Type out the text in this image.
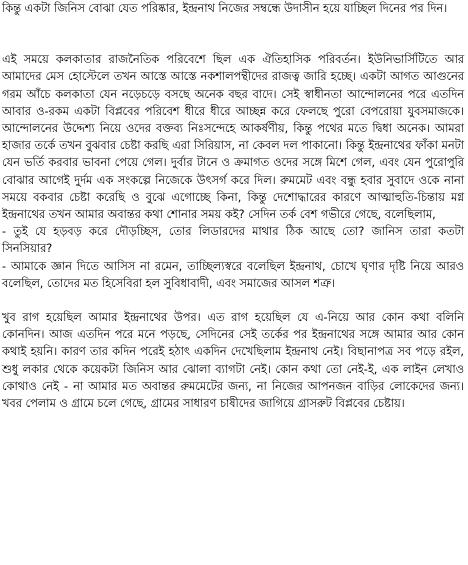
কিন্তু একটা জিনিস বোঝা যেত পরিষ্কার, ইন্দ্রনাথ নিজের সম্বন্ধে উদাসীন হয়ে যাচ্ছিল দিনের পর দিন।

এই সময়ে কলকাতার রাজনৈতিক পরিবেশে ছিল এক ঐতিহাসিক পরিবর্তন। ইউনিভার্সিটিতে আর আমাদের মেস হোস্টেলে তখন আস্তে আস্তে নকশালপন্থীদের রাজত্ব জারি হচ্ছে। একটা আগত আগুনের গরম আঁচে কলকাতা যেন নড়েচড়ে বসছে অনেক বছর বাদে। সেই স্বাধীনতা আন্দোলনের পরে এতদিন আবার ও-রকম একটা বিপ্লবের পরিবেশ ধীরে ধীরে আচ্ছন্ন করে ফেলছে পুরো বেপরোয়া যুবসমাজকে। আন্দোলনের উদ্দেশ্য নিয়ে ওদের বক্তব্য নিঃসন্দেহে আকর্ষণীয়, কিন্তু পথের মতে দ্বিধা অনেক। আমরা হাজার তর্কে তখন বুঝবার চেষ্টা করছি এরা সিরিয়াস, না কেবল দল পাকানো। কিন্তু ইন্দ্রনাথের ফাঁকা মনটা যেন ভর্তি করবার ভাবনা পেয়ে গেল। দুর্বার টানে ও ক্রমাগত ওদের সঙ্গে মিশে গেল, এবং যেন পুরোপুরি বোঝার আগেই দুর্দম এক সংকল্পে নিজেকে উৎসর্গ করে দিল। রুমমেট এবং বন্ধু হবার সুবাদে ওকে নানা সময়ে বকবার চেষ্টা করেছি ও বুঝে এগোচ্ছে কিনা, কিন্তু দেশোদ্ধারের কারণে আত্মাহুতি-চিন্তায় মগ্ন ইন্দ্রনাথের তখন আমার অবান্তর কথা শোনার সময় কই? সেদিন তর্ক বেশ গভীরে গেছে, বলেছিলাম,

- তুই যে হড়বড় করে দৌড়চ্ছিস, তোর লিডারদের মাথার ঠিক আছে তো? জানিস তারা কতটা সিনসিয়ার?

- আমাকে জ্ঞান দিতে আসিস না রমেন, তাচ্ছিল্যস্বরে বলেছিল ইন্দ্রনাথ, চোখে ঘৃণার দৃষ্টি নিয়ে আরও বলেছিল, তোদের মত হিসেবিরা হল সুবিধাবাদী, এবং সমাজের আসল শত্রু।

খুব রাগ হয়েছিল আমার ইন্দ্রনাথের উপর। এত রাগ হয়েছিল যে এ-নিয়ে আর কোন কথা বলিনি কোনদিন। আজ এতদিন পরে মনে পড়ছে, সেদিনের সেই তর্কের পর ইন্দ্রনাথের সঙ্গে আমার আর কোন কথাই হয়নি। কারণ তার কদিন পরেই হঠাৎ একদিন দেখেছিলাম ইন্দ্রনাথ নেই। বিছানাপত্র সব পড়ে রইল, শুধু লকার থেকে কয়েকটা জিনিস আর ঝোলা ব্যাগটা নেই। কোন কথা তো নেই-ই, এক লাইন লেখাও কোথাও নেই - না আমার মত অবান্তর রুমমেটের জন্য, না নিজের আপনজন বাড়ির লোকেদের জন্য। খবর পেলাম ও গ্রামে চলে গেছে, গ্রামের সাধারণ চাষীদের জাগিয়ে গ্রাসরুট বিপ্লবের চেষ্টায়।
